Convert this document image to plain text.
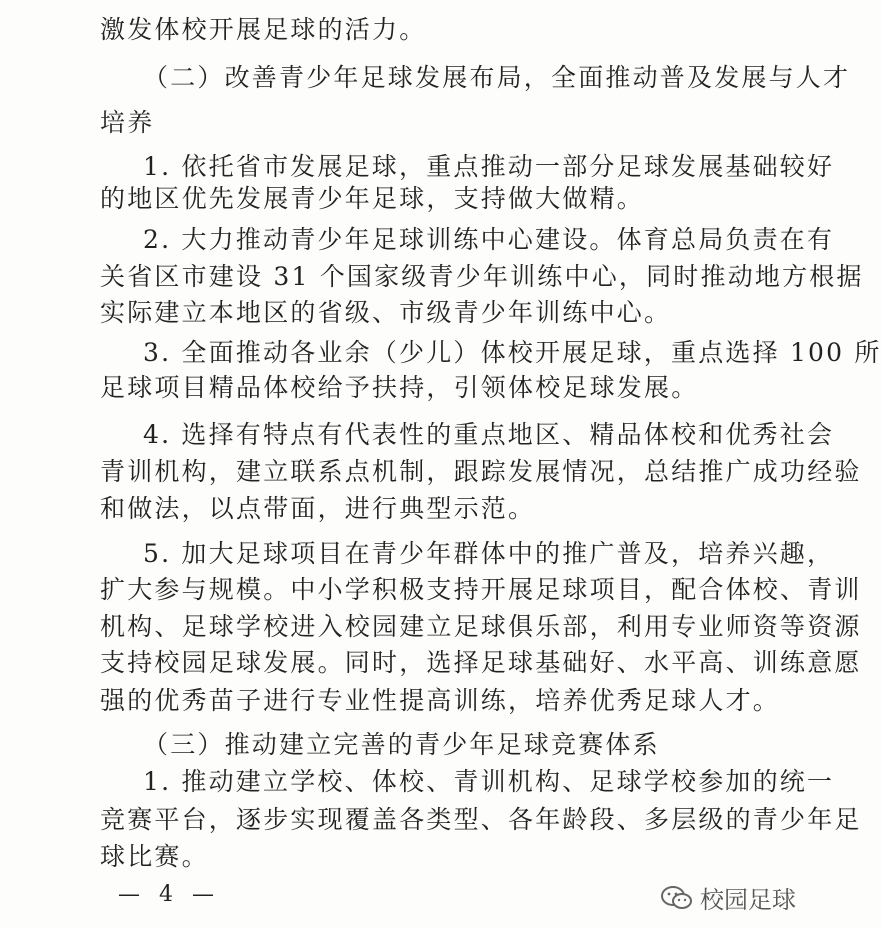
激发体校开展足球的活力。
（二）改善青少年足球发展布局，全面推动普及发展与人才
培养
1. 依托省市发展足球，重点推动一部分足球发展基础较好
的地区优先发展青少年足球，支持做大做精。
2. 大力推动青少年足球训练中心建设。体育总局负责在有
关省区市建设 31 个国家级青少年训练中心，同时推动地方根据
实际建立本地区的省级、市级青少年训练中心。
3. 全面推动各业余（少儿）体校开展足球，重点选择 100 所
足球项目精品体校给予扶持，引领体校足球发展。
4. 选择有特点有代表性的重点地区、精品体校和优秀社会
青训机构，建立联系点机制，跟踪发展情况，总结推广成功经验
和做法，以点带面，进行典型示范。
5. 加大足球项目在青少年群体中的推广普及，培养兴趣，
扩大参与规模。中小学积极支持开展足球项目，配合体校、青训
机构、足球学校进入校园建立足球俱乐部，利用专业师资等资源
支持校园足球发展。同时，选择足球基础好、水平高、训练意愿
强的优秀苗子进行专业性提高训练，培养优秀足球人才。
（三）推动建立完善的青少年足球竞赛体系
1. 推动建立学校、体校、青训机构、足球学校参加的统一
竞赛平台，逐步实现覆盖各类型、各年龄段、多层级的青少年足
球比赛。
— 4 —	校园足球
